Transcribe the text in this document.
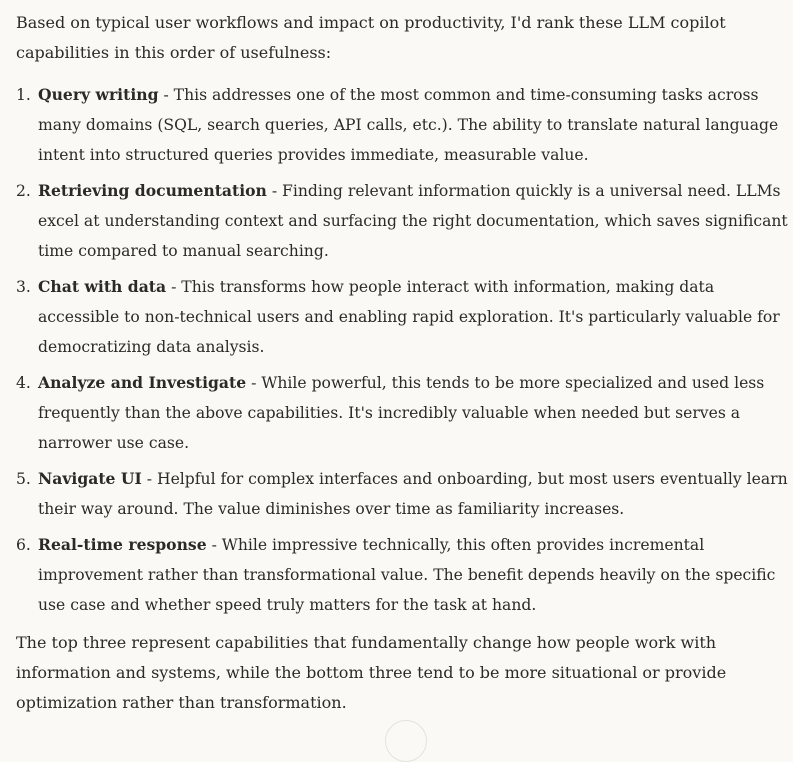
Based on typical user workflows and impact on productivity, I'd rank these LLM copilot capabilities in this order of usefulness:

1. Query writing - This addresses one of the most common and time-consuming tasks across many domains (SQL, search queries, API calls, etc.). The ability to translate natural language intent into structured queries provides immediate, measurable value.
2. Retrieving documentation - Finding relevant information quickly is a universal need. LLMs excel at understanding context and surfacing the right documentation, which saves significant time compared to manual searching.
3. Chat with data - This transforms how people interact with information, making data accessible to non-technical users and enabling rapid exploration. It's particularly valuable for democratizing data analysis.
4. Analyze and Investigate - While powerful, this tends to be more specialized and used less frequently than the above capabilities. It's incredibly valuable when needed but serves a narrower use case.
5. Navigate UI - Helpful for complex interfaces and onboarding, but most users eventually learn their way around. The value diminishes over time as familiarity increases.
6. Real-time response - While impressive technically, this often provides incremental improvement rather than transformational value. The benefit depends heavily on the specific use case and whether speed truly matters for the task at hand.

The top three represent capabilities that fundamentally change how people work with information and systems, while the bottom three tend to be more situational or provide optimization rather than transformation.
